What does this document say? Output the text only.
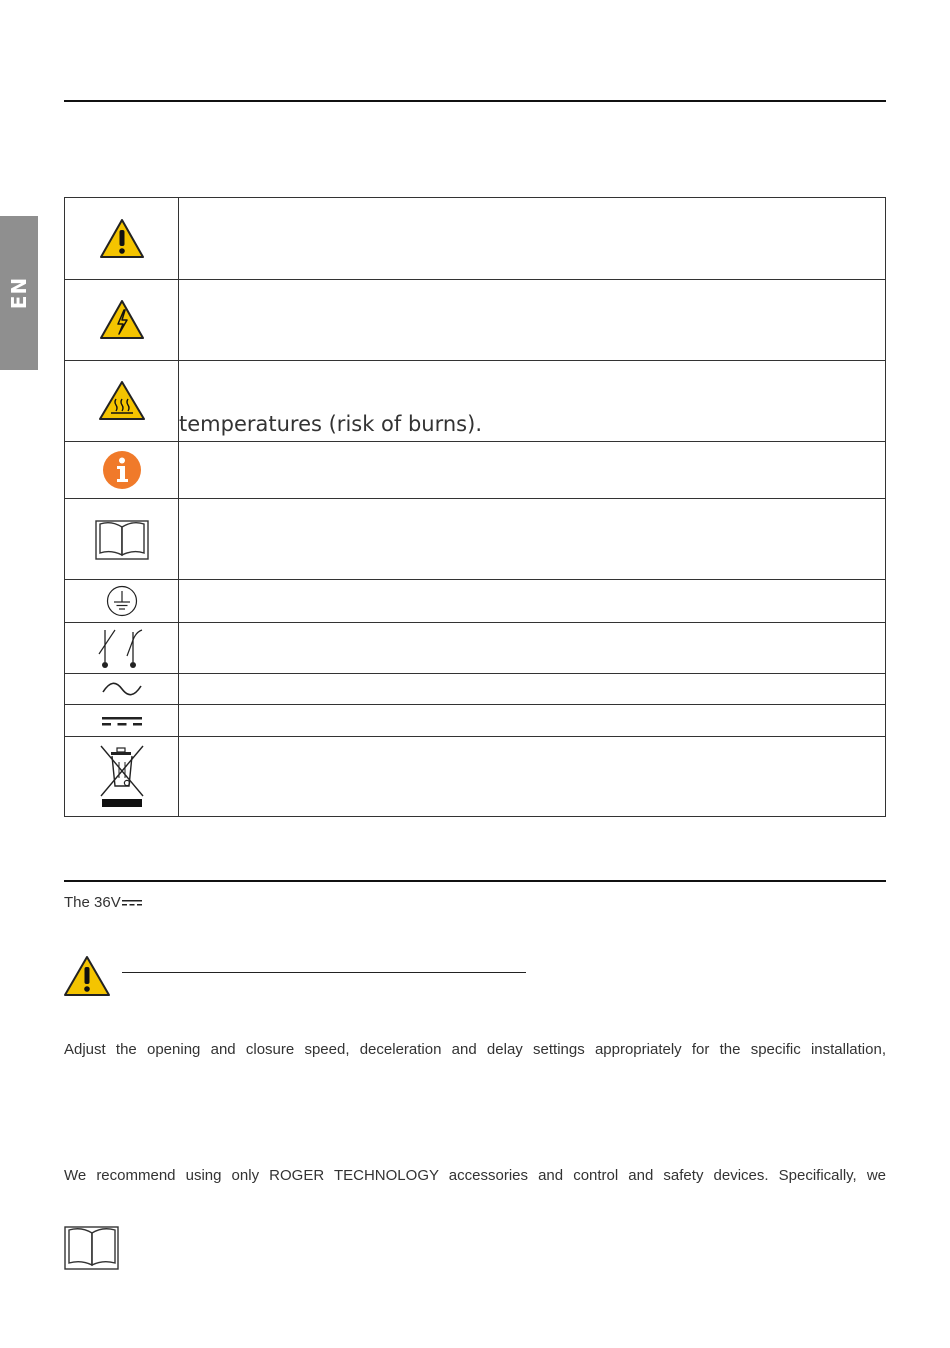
EN

temperatures (risk of burns).

The 36V
Adjust the opening and closure speed, deceleration and delay settings appropriately for the specific installation,
We recommend using only ROGER TECHNOLOGY accessories and control and safety devices. Specifically, we
